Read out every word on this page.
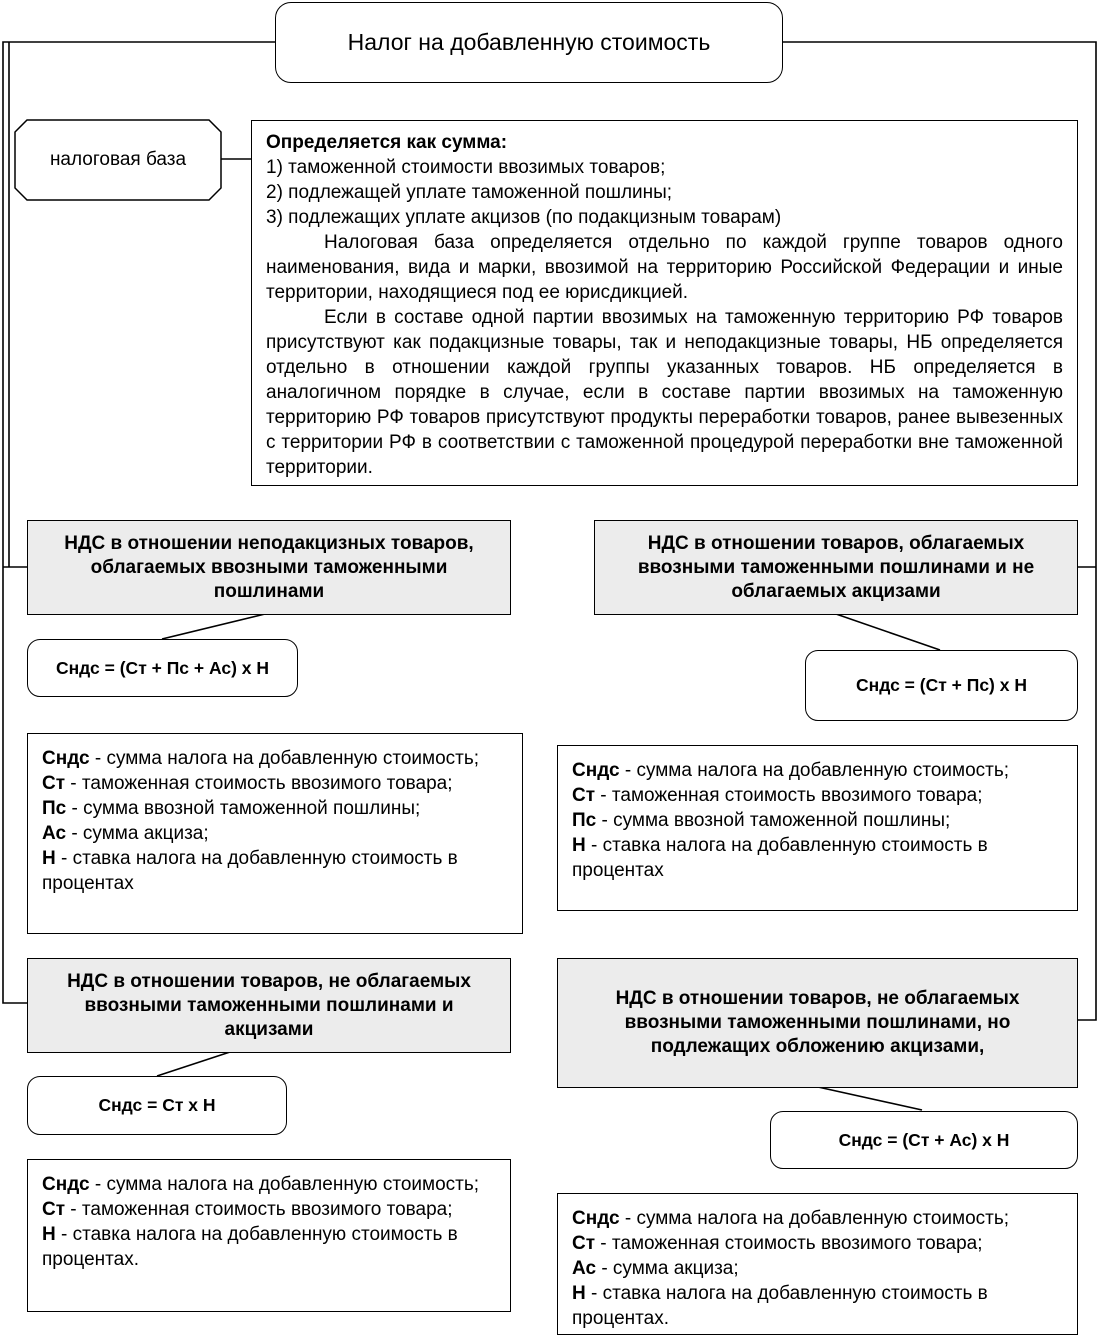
Налог на добавленную стоимость
налоговая база

Определяется как сумма:

1) таможенной стоимости ввозимых товаров;

2) подлежащей уплате таможенной пошлины;

3) подлежащих уплате акцизов (по подакцизным товарам)

Налоговая база определяется отдельно по каждой группе товаров одного наименования, вида и марки, ввозимой на территорию Российской Федерации и иные территории, находящиеся под ее юрисдикцией.

Если в составе одной партии ввозимых на таможенную территорию РФ товаров присутствуют как подакцизные товары, так и неподакцизные товары, НБ определяется отдельно в отношении каждой группы указанных товаров. НБ определяется в аналогичном порядке в случае, если в составе партии ввозимых на таможенную территорию РФ товаров присутствуют продукты переработки товаров, ранее вывезенных с территории РФ в соответствии с таможенной процедурой переработки вне таможенной территории.

НДС в отношении неподакцизных товаров, облагаемых ввозными таможенными пошлинами
Сндс = (Ст + Пс + Ас) х Н
Сндс - сумма налога на добавленную стоимость;
Ст - таможенная стоимость ввозимого товара;
Пс - сумма ввозной таможенной пошлины;
Ас - сумма акциза;
Н - ставка налога на добавленную стоимость в процентах
НДС в отношении товаров, облагаемых ввозными таможенными пошлинами и не облагаемых акцизами
Сндс = (Ст + Пс) х Н
Сндс - сумма налога на добавленную стоимость;
Ст - таможенная стоимость ввозимого товара;
Пс - сумма ввозной таможенной пошлины;
Н - ставка налога на добавленную стоимость в процентах
НДС в отношении товаров, не облагаемых ввозными таможенными пошлинами и акцизами
Сндс = Ст х Н
Сндс - сумма налога на добавленную стоимость;
Ст - таможенная стоимость ввозимого товара;
Н - ставка налога на добавленную стоимость в процентах.
НДС в отношении товаров, не облагаемых ввозными таможенными пошлинами, но подлежащих обложению акцизами,
Сндс = (Ст + Ас) х Н
Сндс - сумма налога на добавленную стоимость;
Ст - таможенная стоимость ввозимого товара;
Ас - сумма акциза;
Н - ставка налога на добавленную стоимость в процентах.
